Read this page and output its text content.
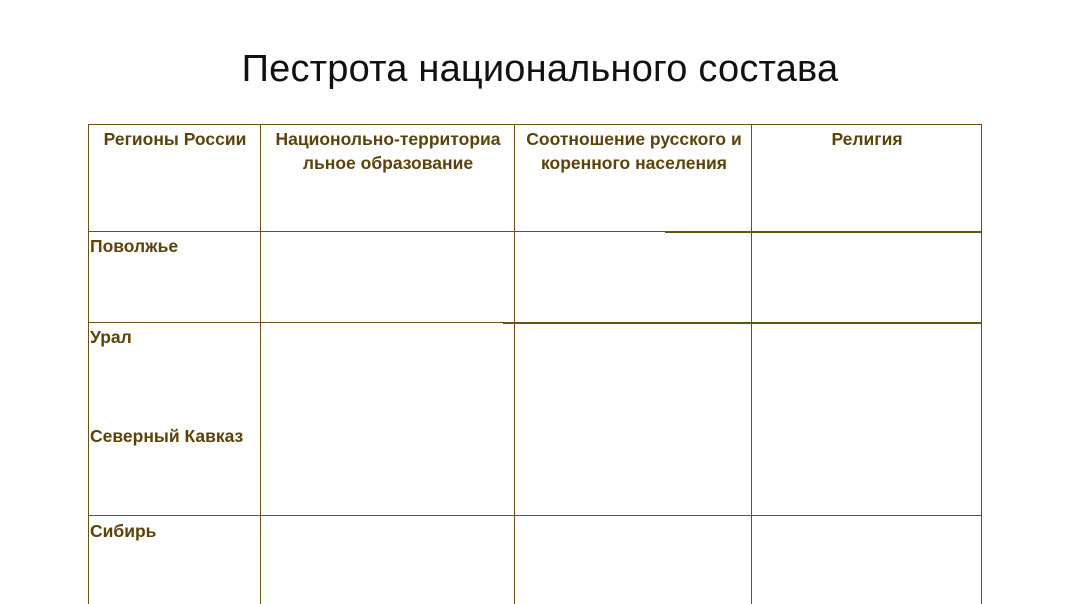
Пестрота национального состава
Регионы России	Национольно-территориа льное образование
Соотношение русского и коренного населения
Религия
Поволжье
Урал
Северный Кавказ
Сибирь
